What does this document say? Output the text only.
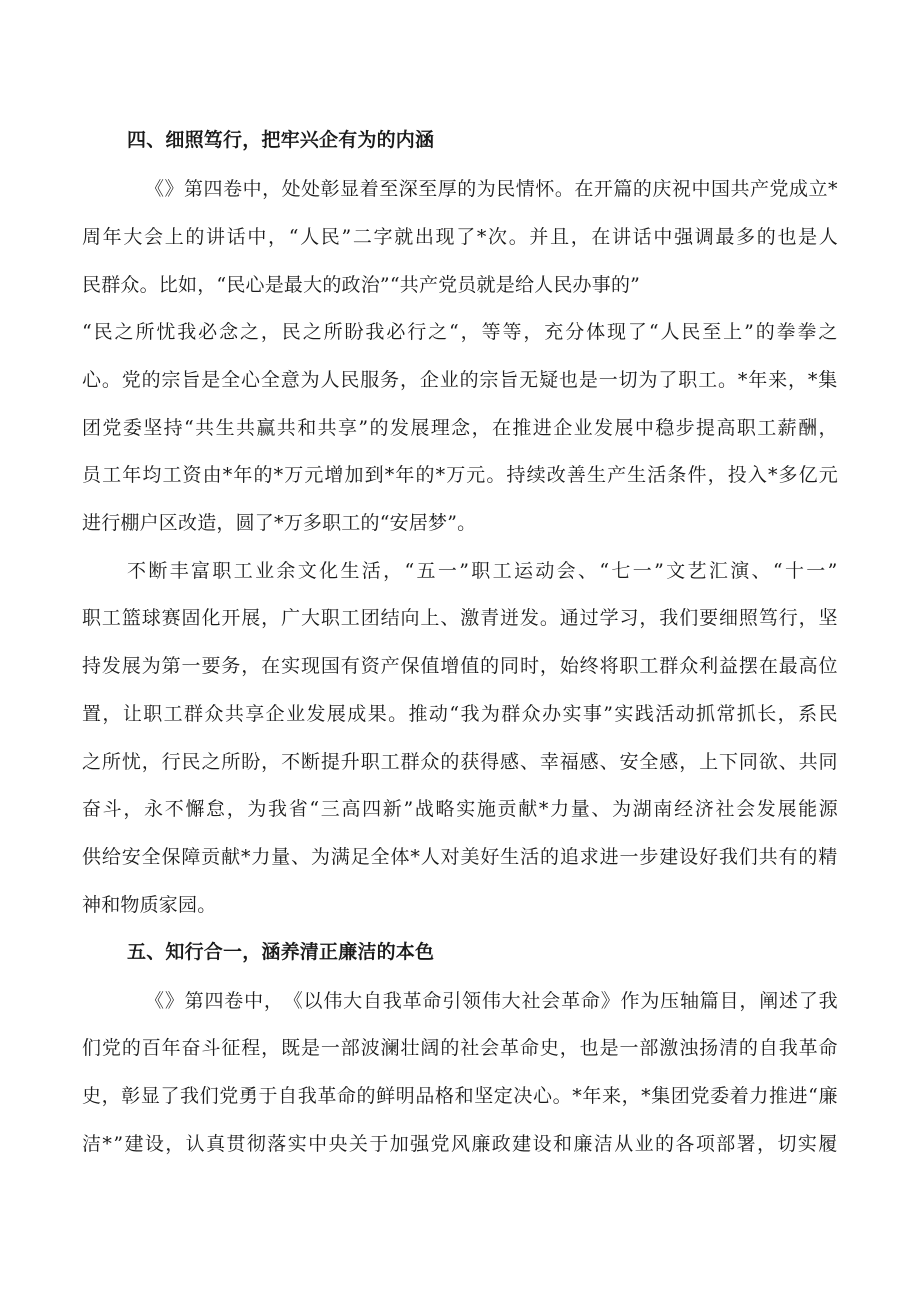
四、细照笃行，把牢兴企有为的内涵
《 》 第 四 卷 中 ， 处 处 彰 显 着 至 深 至 厚 的 为 民 情 怀 。 在 开 篇 的 庆 祝 中 国 共 产 党 成 立 *
周 年 大 会 上 的 讲 话 中 ， “ 人 民 ” 二 字 就 出 现 了 * 次 。 并 且 ， 在 讲 话 中 强 调 最 多 的 也 是 人
民群众。比如，“民心是最大的政治”“共产党员就是给人民办事的”
“ 民 之 所 忧 我 必 念 之 ， 民 之 所 盼 我 必 行 之 “ ， 等 等 ， 充 分 体 现 了 “ 人 民 至 上 ” 的 拳 拳 之
心 。 党 的 宗 旨 是 全 心 全 意 为 人 民 服 务 ， 企 业 的 宗 旨 无 疑 也 是 一 切 为 了 职 工 。 * 年 来 ， * 集
团 党 委 坚 持 “ 共 生 共 赢 共 和 共 享 ” 的 发 展 理 念 ， 在 推 进 企 业 发 展 中 稳 步 提 高 职 工 薪 酬 ，
员 工 年 均 工 资 由 * 年 的 * 万 元 增 加 到 * 年 的 * 万 元 。 持 续 改 善 生 产 生 活 条 件 ， 投 入 * 多 亿 元
进行棚户区改造，圆了*万多职工的“安居梦”。
不 断 丰 富 职 工 业 余 文 化 生 活 ， “ 五 一 ” 职 工 运 动 会 、 “ 七 一 ” 文 艺 汇 演 、 “ 十 一 ”
职 工 篮 球 赛 固 化 开 展 ， 广 大 职 工 团 结 向 上 、 激 青 迸 发 。 通 过 学 习 ， 我 们 要 细 照 笃 行 ， 坚
持 发 展 为 第 一 要 务 ， 在 实 现 国 有 资 产 保 值 增 值 的 同 时 ， 始 终 将 职 工 群 众 利 益 摆 在 最 高 位
置 ， 让 职 工 群 众 共 享 企 业 发 展 成 果 。 推 动 “ 我 为 群 众 办 实 事 ” 实 践 活 动 抓 常 抓 长 ， 系 民
之 所 忧 ， 行 民 之 所 盼 ， 不 断 提 升 职 工 群 众 的 获 得 感 、 幸 福 感 、 安 全 感 ， 上 下 同 欲 、 共 同
奋 斗 ， 永 不 懈 怠 ， 为 我 省 “ 三 高 四 新 ” 战 略 实 施 贡 献 * 力 量 、 为 湖 南 经 济 社 会 发 展 能 源
供 给 安 全 保 障 贡 献 * 力 量 、 为 满 足 全 体 * 人 对 美 好 生 活 的 追 求 进 一 步 建 设 好 我 们 共 有 的 精
神和物质家园。
五、知行合一，涵养清正廉洁的本色
《 》 第 四 卷 中 ， 《 以 伟 大 自 我 革 命 引 领 伟 大 社 会 革 命 》 作 为 压 轴 篇 目 ， 阐 述 了 我
们 党 的 百 年 奋 斗 征 程 ， 既 是 一 部 波 澜 壮 阔 的 社 会 革 命 史 ， 也 是 一 部 激 浊 扬 清 的 自 我 革 命
史 ， 彰 显 了 我 们 党 勇 于 自 我 革 命 的 鲜 明 品 格 和 坚 定 决 心 。 * 年 来 ， * 集 团 党 委 着 力 推 进 “ 廉
洁 * ” 建 设 ， 认 真 贯 彻 落 实 中 央 关 于 加 强 党 风 廉 政 建 设 和 廉 洁 从 业 的 各 项 部 署 ， 切 实 履
